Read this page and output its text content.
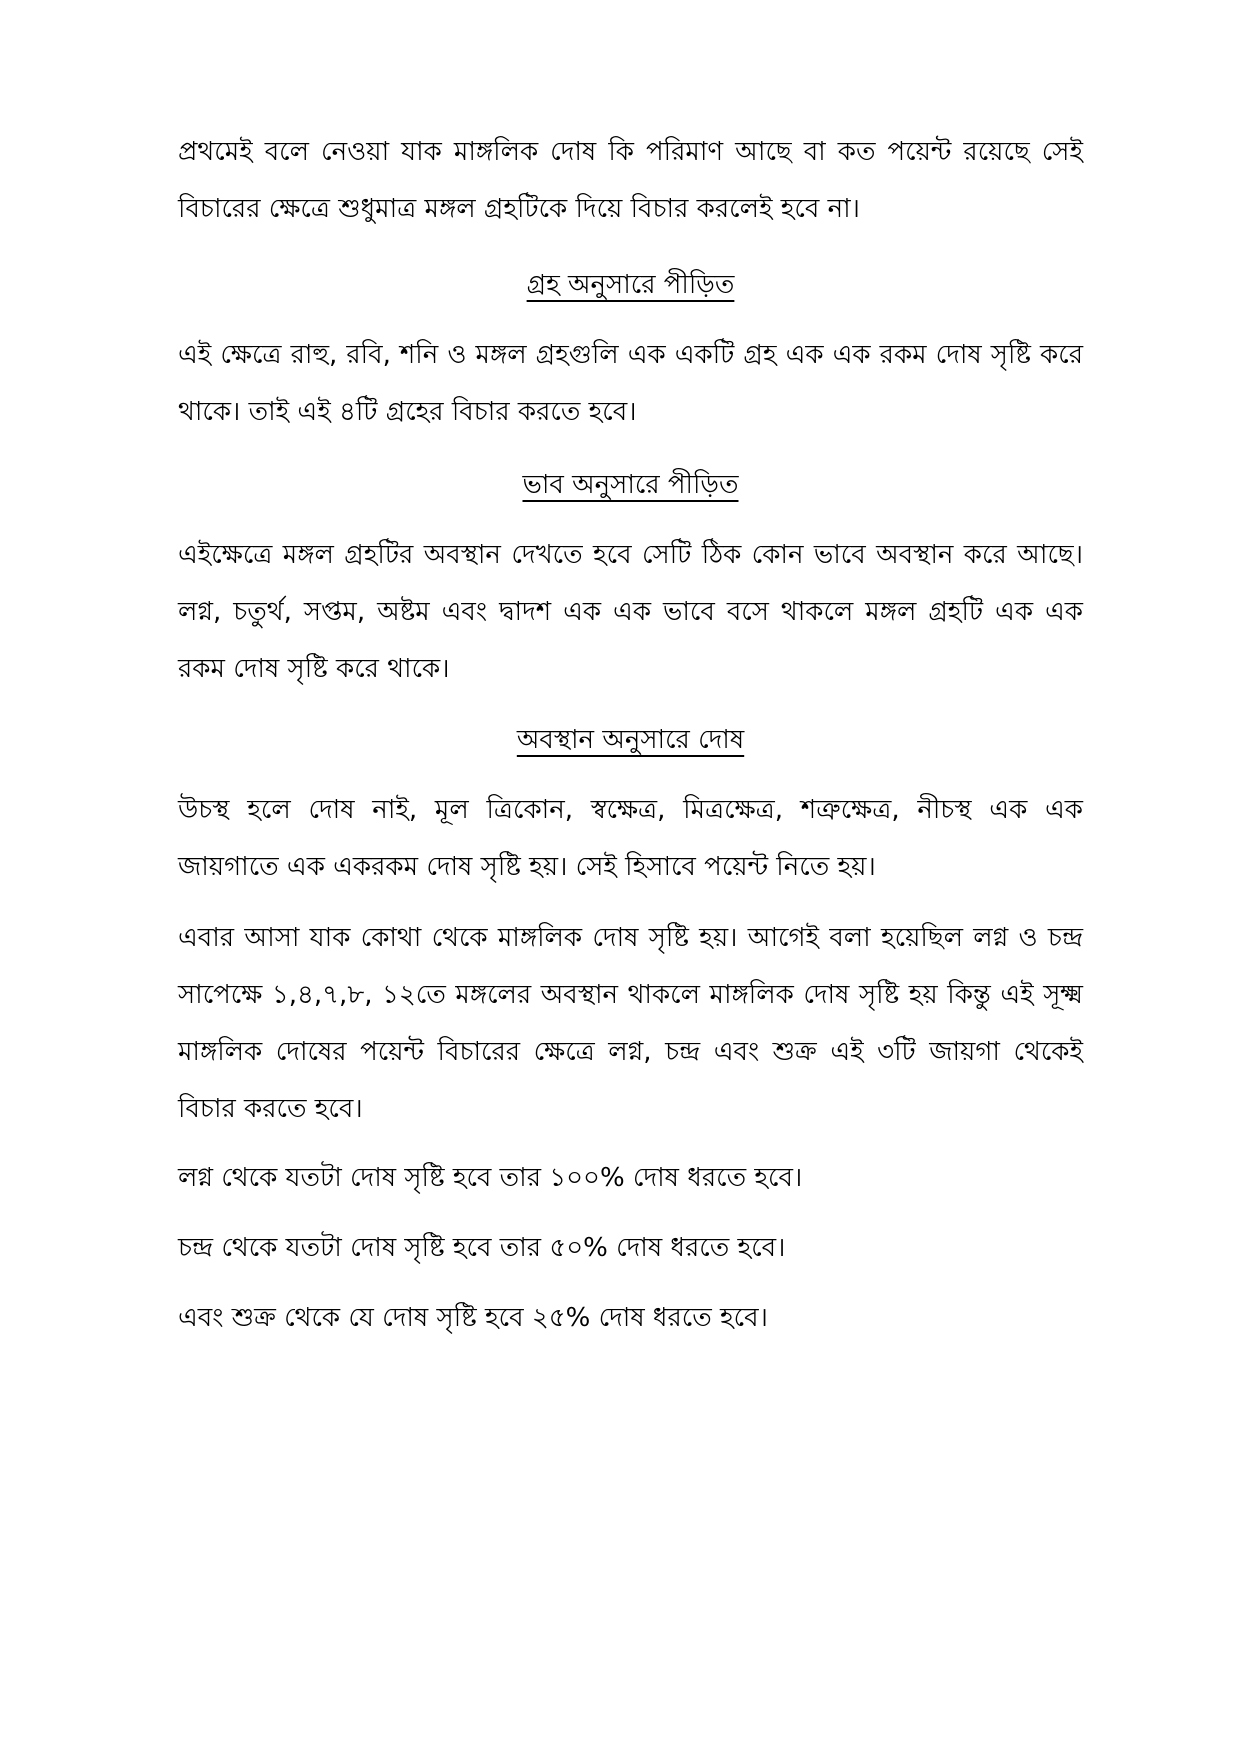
প্রথমেই বলে নেওয়া যাক মাঙ্গলিক দোষ কি পরিমাণ আছে বা কত পয়েন্ট রয়েছে সেই বিচারের ক্ষেত্রে শুধুমাত্র মঙ্গল গ্রহটিকে দিয়ে বিচার করলেই হবে না।

গ্রহ অনুসারে পীড়িত

এই ক্ষেত্রে রাহু, রবি, শনি ও মঙ্গল গ্রহগুলি এক একটি গ্রহ এক এক রকম দোষ সৃষ্টি করে থাকে। তাই এই ৪টি গ্রহের বিচার করতে হবে।

ভাব অনুসারে পীড়িত

এইক্ষেত্রে মঙ্গল গ্রহটির অবস্থান দেখতে হবে সেটি ঠিক কোন ভাবে অবস্থান করে আছে। লগ্ন, চতুর্থ, সপ্তম, অষ্টম এবং দ্বাদশ এক এক ভাবে বসে থাকলে মঙ্গল গ্রহটি এক এক রকম দোষ সৃষ্টি করে থাকে।

অবস্থান অনুসারে দোষ

উচস্থ হলে দোষ নাই, মূল ত্রিকোন, স্বক্ষেত্র, মিত্রক্ষেত্র, শত্রুক্ষেত্র, নীচস্থ এক এক জায়গাতে এক একরকম দোষ সৃষ্টি হয়। সেই হিসাবে পয়েন্ট নিতে হয়।

এবার আসা যাক কোথা থেকে মাঙ্গলিক দোষ সৃষ্টি হয়। আগেই বলা হয়েছিল লগ্ন ও চন্দ্র সাপেক্ষে ১,৪,৭,৮, ১২তে মঙ্গলের অবস্থান থাকলে মাঙ্গলিক দোষ সৃষ্টি হয় কিন্তু এই সূক্ষ্ম মাঙ্গলিক দোষের পয়েন্ট বিচারের ক্ষেত্রে লগ্ন, চন্দ্র এবং শুক্র এই ৩টি জায়গা থেকেই বিচার করতে হবে।

লগ্ন থেকে যতটা দোষ সৃষ্টি হবে তার ১০০% দোষ ধরতে হবে।

চন্দ্র থেকে যতটা দোষ সৃষ্টি হবে তার ৫০% দোষ ধরতে হবে।

এবং শুক্র থেকে যে দোষ সৃষ্টি হবে ২৫% দোষ ধরতে হবে।
